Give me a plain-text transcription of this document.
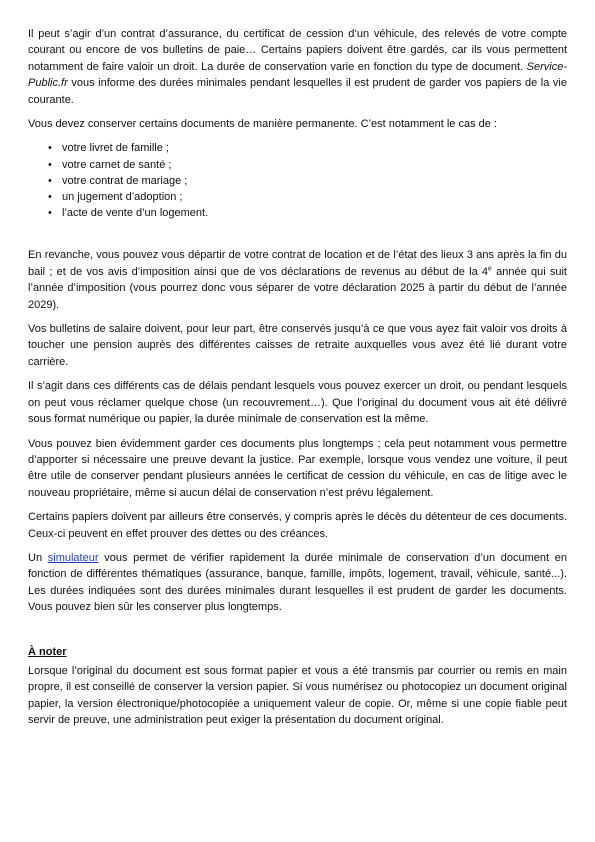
Il peut s’agir d’un contrat d’assurance, du certificat de cession d’un véhicule, des relevés de votre compte courant ou encore de vos bulletins de paie… Certains papiers doivent être gardés, car ils vous permettent notamment de faire valoir un droit. La durée de conservation varie en fonction du type de document. Service-Public.fr vous informe des durées minimales pendant lesquelles il est prudent de garder vos papiers de la vie courante.

Vous devez conserver certains documents de manière permanente. C’est notamment le cas de :

• votre livret de famille ;
• votre carnet de santé ;
• votre contrat de mariage ;
• un jugement d’adoption ;
• l’acte de vente d’un logement.

En revanche, vous pouvez vous départir de votre contrat de location et de l’état des lieux 3 ans après la fin du bail ; et de vos avis d’imposition ainsi que de vos déclarations de revenus au début de la 4e année qui suit l’année d’imposition (vous pourrez donc vous séparer de votre déclaration 2025 à partir du début de l’année 2029).

Vos bulletins de salaire doivent, pour leur part, être conservés jusqu’à ce que vous ayez fait valoir vos droits à toucher une pension auprès des différentes caisses de retraite auxquelles vous avez été lié durant votre carrière.

Il s’agit dans ces différents cas de délais pendant lesquels vous pouvez exercer un droit, ou pendant lesquels on peut vous réclamer quelque chose (un recouvrement…). Que l’original du document vous ait été délivré sous format numérique ou papier, la durée minimale de conservation est la même.

Vous pouvez bien évidemment garder ces documents plus longtemps ; cela peut notamment vous permettre d’apporter si nécessaire une preuve devant la justice. Par exemple, lorsque vous vendez une voiture, il peut être utile de conserver pendant plusieurs années le certificat de cession du véhicule, en cas de litige avec le nouveau propriétaire, même si aucun délai de conservation n’est prévu légalement.

Certains papiers doivent par ailleurs être conservés, y compris après le décès du détenteur de ces documents. Ceux-ci peuvent en effet prouver des dettes ou des créances.

Un simulateur vous permet de vérifier rapidement la durée minimale de conservation d’un document en fonction de différentes thématiques (assurance, banque, famille, impôts, logement, travail, véhicule, santé...). Les durées indiquées sont des durées minimales durant lesquelles il est prudent de garder les documents. Vous pouvez bien sûr les conserver plus longtemps.

À noter

Lorsque l’original du document est sous format papier et vous a été transmis par courrier ou remis en main propre, il est conseillé de conserver la version papier. Si vous numérisez ou photocopiez un document original papier, la version électronique/photocopiée a uniquement valeur de copie. Or, même si une copie fiable peut servir de preuve, une administration peut exiger la présentation du document original.
